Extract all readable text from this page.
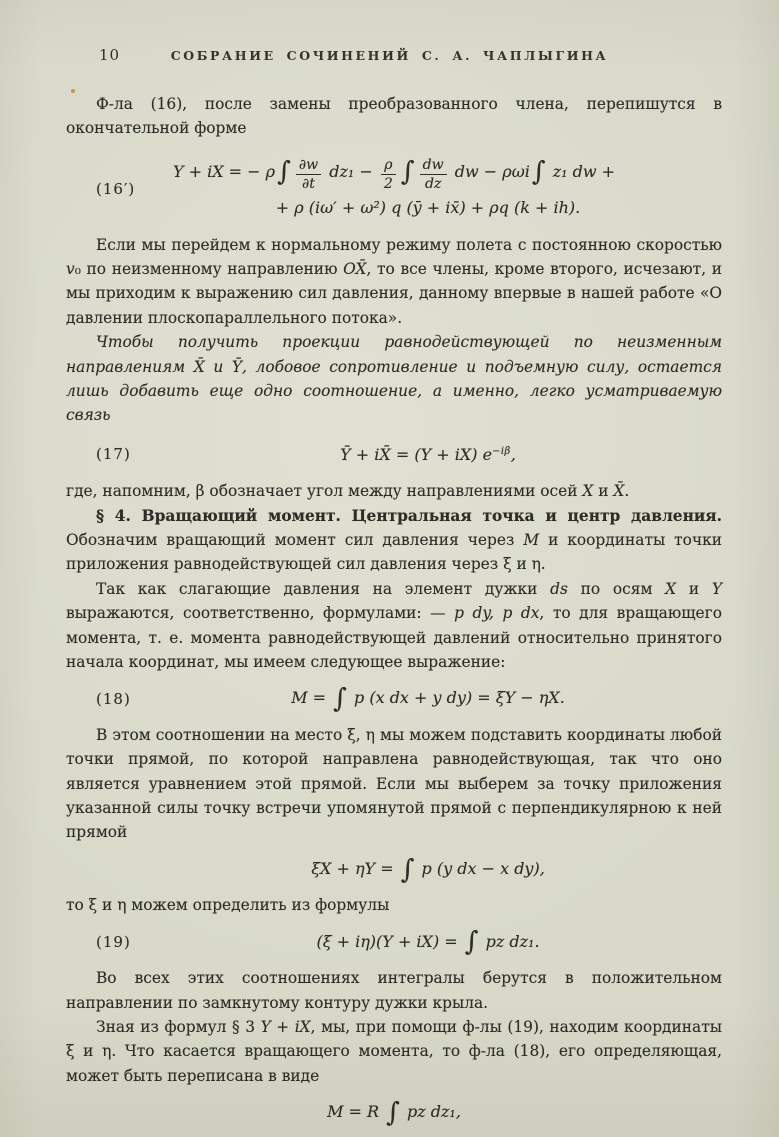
10	СОБРАНИЕ СОЧИНЕНИЙ С. А. ЧАПЛЫГИНА

Ф-ла (16), после замены преобразованного члена, перепишутся в окончательной форме

(16′)
Y + iX = − $\rho\int \frac{\partial w}{\partial t} dz_1 - \frac{\rho}{2}$ ∫ $\frac{dw}{dz}$ dw − ρωi∫ z₁ dw +
+ ρ (iω′ + ω²) q (ȳ + ix̄) + ρq (k + ih).

Если мы перейдем к нормальному режиму полета с постоянною скоростью v₀ по неизменному направлению OX̄, то все члены, кроме второго, исчезают, и мы приходим к выражению сил давления, данному впервые в нашей работе «О давлении плоскопараллельного потока».

Чтобы получить проекции равнодействующей по неизменным направлениям X̄ и Ȳ, лобовое сопротивление и подъемную силу, остается лишь добавить еще одно соотношение, а именно, легко усматриваемую связь

(17)	Ȳ + iX̄ = (Y + iX) $e^{-i\beta}$,

где, напомним, β обозначает угол между направлениями осей X и X̄.

§ 4. Вращающий момент. Центральная точка и центр давления. Обозначим вращающий момент сил давления через M и координаты точки приложения равнодействующей сил давления через ξ и η.

Так как слагающие давления на элемент дужки ds по осям X и Y выражаются, соответственно, формулами: — p dy, p dx, то для вращающего момента, т. е. момента равнодействующей давлений относительно принятого начала координат, мы имеем следующее выражение:

(18)	M = ∫ p (x dx + y dy) = ξY − ηX.

В этом соотношении на место ξ, η мы можем подставить координаты любой точки прямой, по которой направлена равнодействующая, так что оно является уравнением этой прямой. Если мы выберем за точку приложения указанной силы точку встречи упомянутой прямой с перпендикулярною к ней прямой

ξX + ηY = ∫ p (y dx − x dy),

то ξ и η можем определить из формулы

(19)	(ξ + iη)(Y + iX) = ∫ pz dz₁.

Во всех этих соотношениях интегралы берутся в положительном направлении по замкнутому контуру дужки крыла.

Зная из формул § 3 Y + iX, мы, при помощи ф-лы (19), находим координаты ξ и η. Что касается вращающего момента, то ф-ла (18), его определяющая, может быть переписана в виде

M = R ∫ pz dz₁,
